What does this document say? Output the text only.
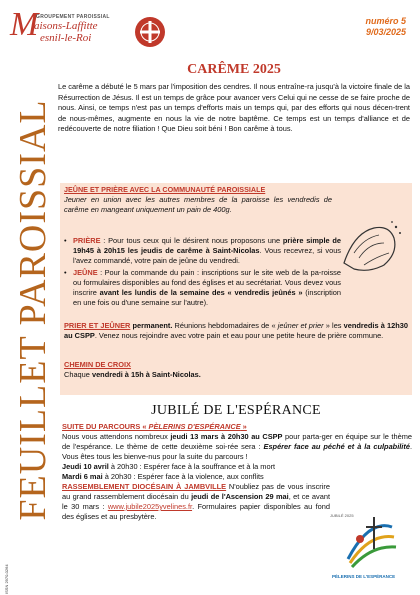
M
GROUPEMENT PAROISSIAL
aisons-Laffitte
esnil-le-Roi
numéro 5
9/03/2025
FEUILLET PAROISSIAL
ISSN 2970-0264
CARÊME 2025

Le carême a débuté le 5 mars par l'imposition des cendres. Il nous entraîne-ra jusqu'à la victoire finale de la Résurrection de Jésus. Il est un temps de grâce pour avancer vers Celui qui ne cesse de se faire proche de nous. Ainsi, ce temps n'est pas un temps d'efforts mais un temps qui, par des efforts qui nous décen-trent de nous-mêmes, augmente en nous la vie de notre baptême. Ce temps est un temps d'alliance et de redécouverte de notre filiation ! Que Dieu soit béni ! Bon carême à tous.

JEÛNE ET PRIÈRE AVEC LA COMMUNAUTÉ PAROISSIALE
Jeuner en union avec les autres membres de la paroisse les vendredis de carême en mangeant uniquement un pain de 400g.
• PRIÈRE : Pour tous ceux qui le désirent nous proposons une prière simple de 19h45 à 20h15 les jeudis de carême à Saint-Nicolas. Vous recevrez, si vous l'avez commandé, votre pain de jeûne du vendredi.
• JEÛNE : Pour la commande du pain : inscriptions sur le site web de la pa-roisse ou formulaires disponibles au fond des églises et au secrétariat. Vous devez vous inscrire avant les lundis de la semaine des « vendredis jeûnés » (inscription en une fois ou d'une semaine sur l'autre).
PRIER ET JEÛNER permanent. Réunions hebdomadaires de « jeûner et prier » les vendredis à 12h30 au CSPP. Venez nous rejoindre avec votre pain et eau pour une petite heure de prière commune.
CHEMIN DE CROIX
Chaque vendredi à 15h à Saint-Nicolas.
JUBILÉ DE L'ESPÉRANCE
SUITE DU PARCOURS « PÈLERINS D'ESPÉRANCE »
Nous vous attendons nombreux jeudi 13 mars à 20h30 au CSPP pour parta-ger en équipe sur le thème de l'espérance. Le thème de cette deuxième soi-rée sera : Espérer face au péché et à la culpabilité. Vous êtes tous les bienve-nus pour la suite du parcours !
Jeudi 10 avril à 20h30 : Espérer face à la souffrance et à la mort
Mardi 6 mai à 20h30 : Espérer face à la violence, aux conflits
RASSEMBLEMENT DIOCÉSAIN À JAMBVILLE N'oubliez pas de vous inscrire au grand rassemblement diocésain du jeudi de l'Ascension 29 mai, et ce avant le 30 mars : www.jubile2025yvelines.fr. Formulaires papier disponibles au fond des églises et au presbytère.	JUBILÉ 2025
PÈLERINS DE L'ESPÉRANCE
